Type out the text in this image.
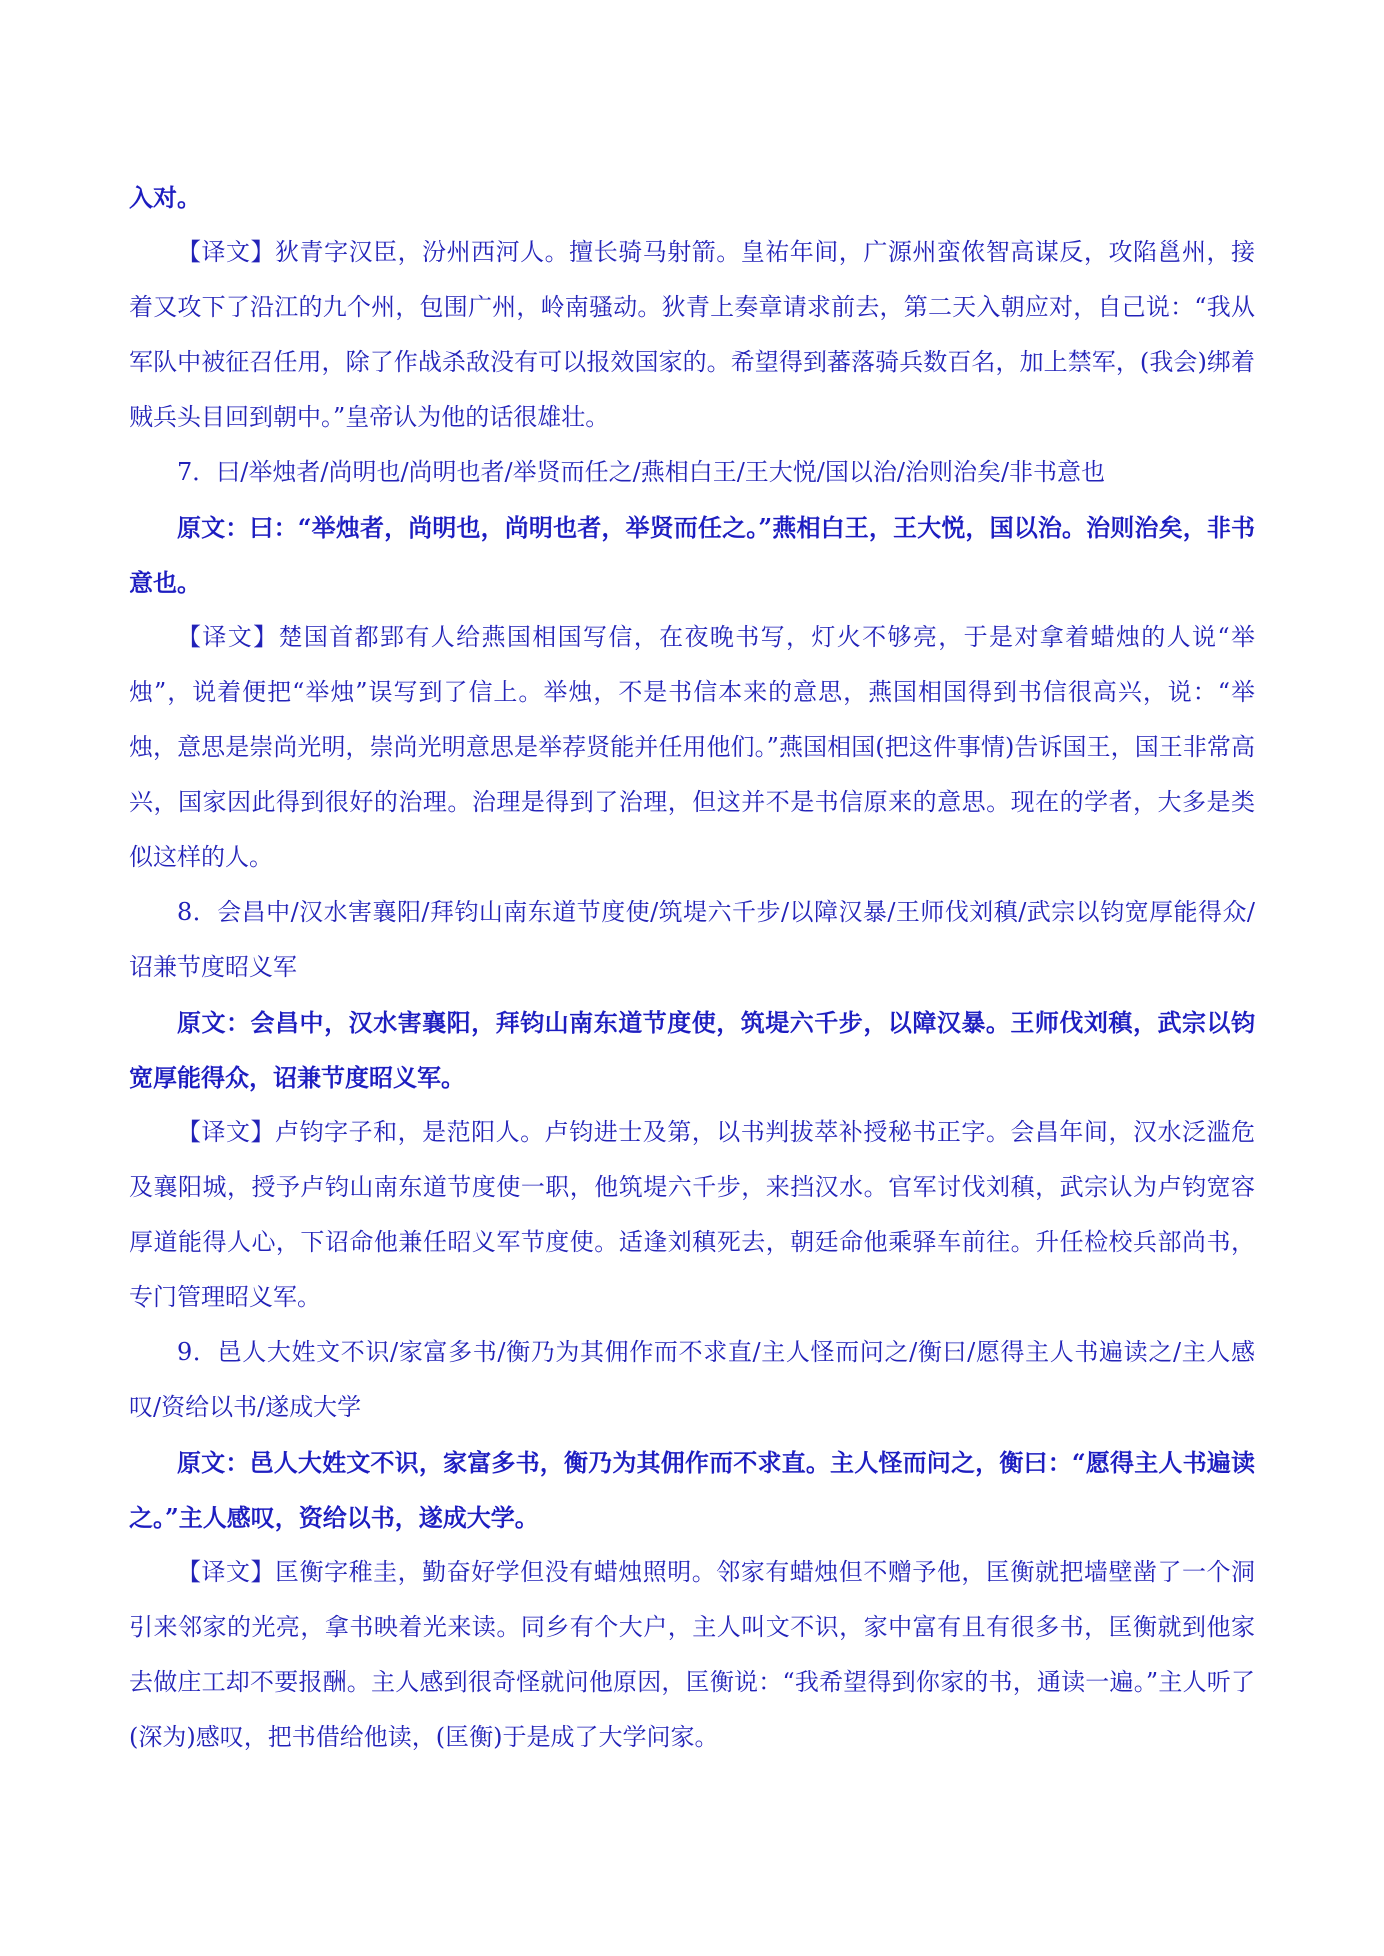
入对。

【译文】狄青字汉臣，汾州西河人。擅长骑马射箭。皇祐年间，广源州蛮侬智高谋反，攻陷邕州，接着又攻下了沿江的九个州，包围广州，岭南骚动。狄青上奏章请求前去，第二天入朝应对，自己说：“我从军队中被征召任用，除了作战杀敌没有可以报效国家的。希望得到蕃落骑兵数百名，加上禁军，(我会)绑着贼兵头目回到朝中。”皇帝认为他的话很雄壮。

7．曰/举烛者/尚明也/尚明也者/举贤而任之/燕相白王/王大悦/国以治/治则治矣/非书意也

原文：曰：“举烛者，尚明也，尚明也者，举贤而任之。”燕相白王，王大悦，国以治。治则治矣，非书意也。

【译文】楚国首都郢有人给燕国相国写信，在夜晚书写，灯火不够亮，于是对拿着蜡烛的人说“举烛”，说着便把“举烛”误写到了信上。举烛，不是书信本来的意思，燕国相国得到书信很高兴，说：“举烛，意思是崇尚光明，崇尚光明意思是举荐贤能并任用他们。”燕国相国(把这件事情)告诉国王，国王非常高兴，国家因此得到很好的治理。治理是得到了治理，但这并不是书信原来的意思。现在的学者，大多是类似这样的人。

8．会昌中/汉水害襄阳/拜钧山南东道节度使/筑堤六千步/以障汉暴/王师伐刘稹/武宗以钧宽厚能得众/诏兼节度昭义军

原文：会昌中，汉水害襄阳，拜钧山南东道节度使，筑堤六千步，以障汉暴。王师伐刘稹，武宗以钧宽厚能得众，诏兼节度昭义军。

【译文】卢钧字子和，是范阳人。卢钧进士及第，以书判拔萃补授秘书正字。会昌年间，汉水泛滥危及襄阳城，授予卢钧山南东道节度使一职，他筑堤六千步，来挡汉水。官军讨伐刘稹，武宗认为卢钧宽容厚道能得人心，下诏命他兼任昭义军节度使。适逢刘稹死去，朝廷命他乘驿车前往。升任检校兵部尚书，专门管理昭义军。

9．邑人大姓文不识/家富多书/衡乃为其佣作而不求直/主人怪而问之/衡曰/愿得主人书遍读之/主人感叹/资给以书/遂成大学

原文：邑人大姓文不识，家富多书，衡乃为其佣作而不求直。主人怪而问之，衡曰：“愿得主人书遍读之。”主人感叹，资给以书，遂成大学。

【译文】匡衡字稚圭，勤奋好学但没有蜡烛照明。邻家有蜡烛但不赠予他，匡衡就把墙壁凿了一个洞引来邻家的光亮，拿书映着光来读。同乡有个大户，主人叫文不识，家中富有且有很多书，匡衡就到他家去做庄工却不要报酬。主人感到很奇怪就问他原因，匡衡说：“我希望得到你家的书，通读一遍。”主人听了(深为)感叹，把书借给他读，(匡衡)于是成了大学问家。
